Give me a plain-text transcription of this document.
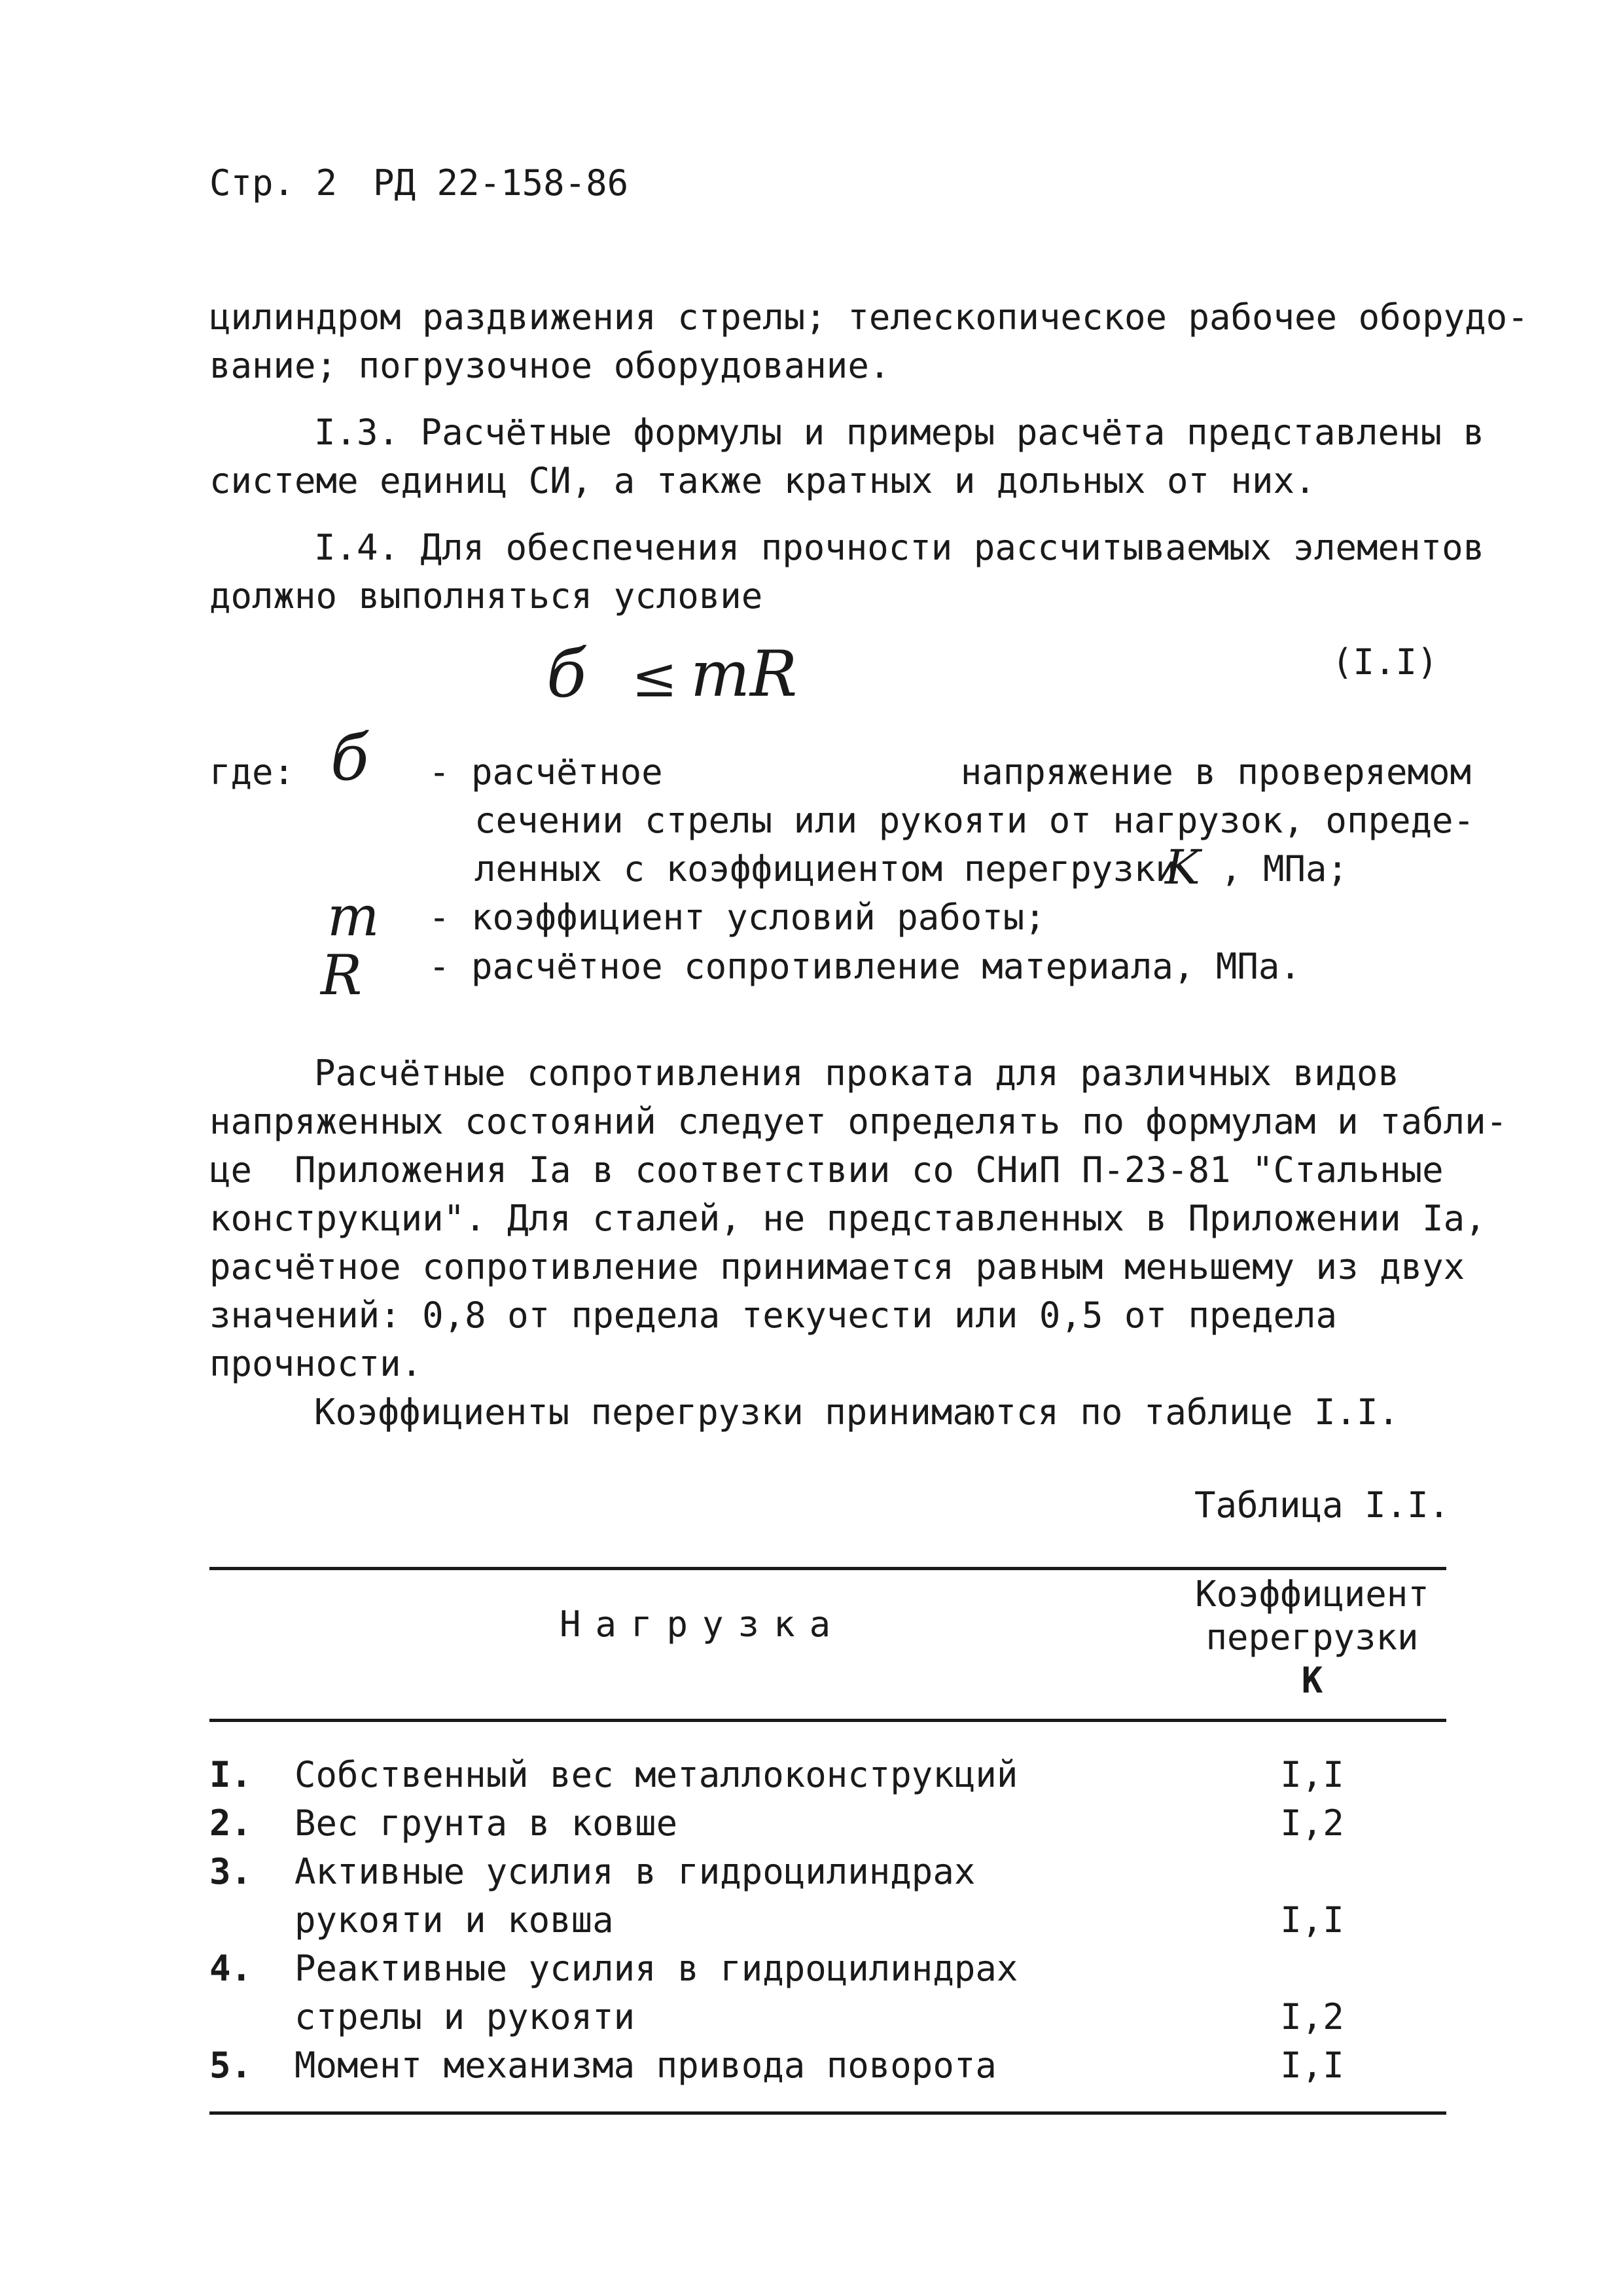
Стр. 2 РД 22-158-86
цилиндром раздвижения стрелы; телескопическое рабочее оборудо-
вание; погрузочное оборудование.
I.3. Расчётные формулы и примеры расчёта представлены в
системе единиц СИ, а также кратных и дольных от них.
I.4. Для обеспечения прочности рассчитываемых элементов
должно выполняться условие
б ≤ mR	(I.I)
где: б - расчётное              напряжение в проверяемом
сечении стрелы или рукояти от нагрузок, опреде-
ленных с коэффициентом перегрузки
K , МПа;
m - коэффициент условий работы;
R - расчётное сопротивление материала, МПа.
Расчётные сопротивления проката для различных видов
напряженных состояний следует определять по формулам и табли-
це  Приложения Iа в соответствии со СНиП П-23-81 "Стальные
конструкции". Для сталей, не представленных в Приложении Iа,
расчётное сопротивление принимается равным меньшему из двух
значений: 0,8 от предела текучести или 0,5 от предела
прочности.
Коэффициенты перегрузки принимаются по таблице I.I.
Таблица I.I.
Нагрузка
Коэффициент
перегрузки
К
I. Собственный вес металлоконструкций	I,I
2. Вес грунта в ковше	I,2
3. Активные усилия в гидроцилиндрах
рукояти и ковша	I,I
4. Реактивные усилия в гидроцилиндрах
стрелы и рукояти	I,2
5. Момент механизма привода поворота	I,I
